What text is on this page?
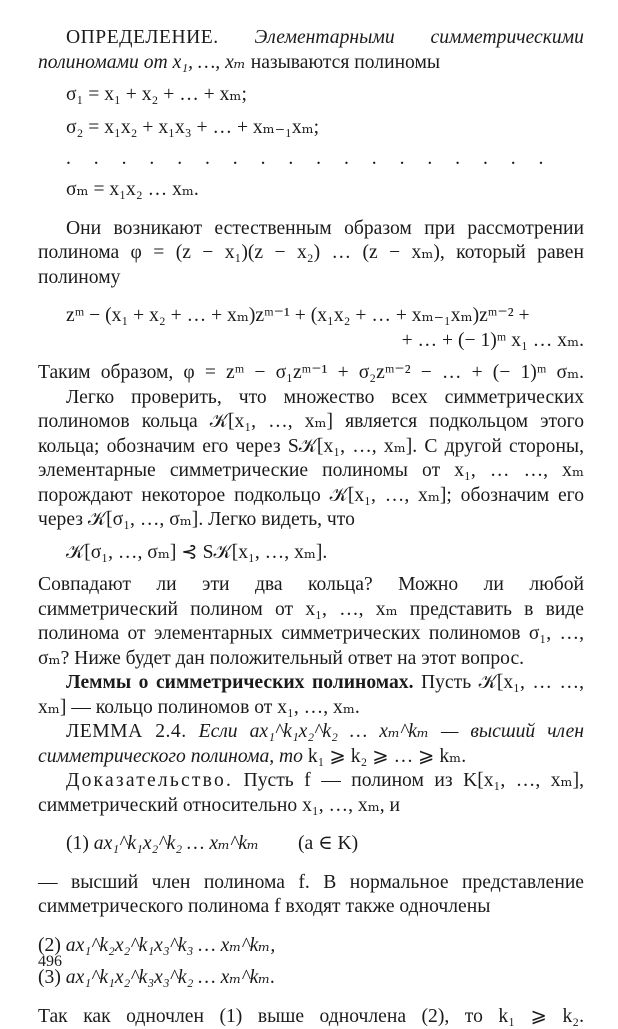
ОПРЕДЕЛЕНИЕ. Элементарными симметрическими

полиномами от x₁, …, xₘ называются полиномы

σ₁ = x₁ + x₂ + … + xₘ;

σ₂ = x₁x₂ + x₁x₃ + … + xₘ₋₁xₘ;

. . . . . . . . . . . . . . . . . .

σₘ = x₁x₂ … xₘ.

Они возникают естественным образом при рассмотрении полинома φ = (z − x₁)(z − x₂) … (z − xₘ), который равен полиному

zᵐ − (x₁ + x₂ + … + xₘ)zᵐ⁻¹ + (x₁x₂ + … + xₘ₋₁xₘ)zᵐ⁻² +

+ … + (− 1)ᵐ x₁ … xₘ.

Таким образом, φ = zᵐ − σ₁zᵐ⁻¹ + σ₂zᵐ⁻² − … + (− 1)ᵐ σₘ.

Легко проверить, что множество всех симметрических полиномов кольца 𝒦[x₁, …, xₘ] является подкольцом этого кольца; обозначим его через S𝒦[x₁, …, xₘ]. С другой стороны, элементарные симметрические полиномы от x₁, … …, xₘ порождают некоторое подкольцо 𝒦[x₁, …, xₘ]; обозначим его через 𝒦[σ₁, …, σₘ]. Легко видеть, что

𝒦[σ₁, …, σₘ] ⊰ S𝒦[x₁, …, xₘ].

Совпадают ли эти два кольца? Можно ли любой симметрический полином от x₁, …, xₘ представить в виде полинома от элементарных симметрических полиномов σ₁, …, σₘ? Ниже будет дан положительный ответ на этот вопрос.

Леммы о симметрических полиномах. Пусть 𝒦[x₁, … …, xₘ] — кольцо полиномов от x₁, …, xₘ.

ЛЕММА 2.4. Если ax₁^k₁x₂^k₂ … xₘ^kₘ — высший член симметрического полинома, то k₁ ⩾ k₂ ⩾ … ⩾ kₘ.

Доказательство. Пусть f — полином из K[x₁, …, xₘ], симметрический относительно x₁, …, xₘ, и

(1) ax₁^k₁x₂^k₂ … xₘ^kₘ (a ∈ K)

— высший член полинома f. В нормальное представление симметрического полинома f входят также одночлены

(2) ax₁^k₂x₂^k₁x₃^k₃ … xₘ^kₘ,

(3) ax₁^k₁x₂^k₃x₃^k₂ … xₘ^kₘ.

Так как одночлен (1) выше одночлена (2), то k₁ ⩾ k₂.

496
